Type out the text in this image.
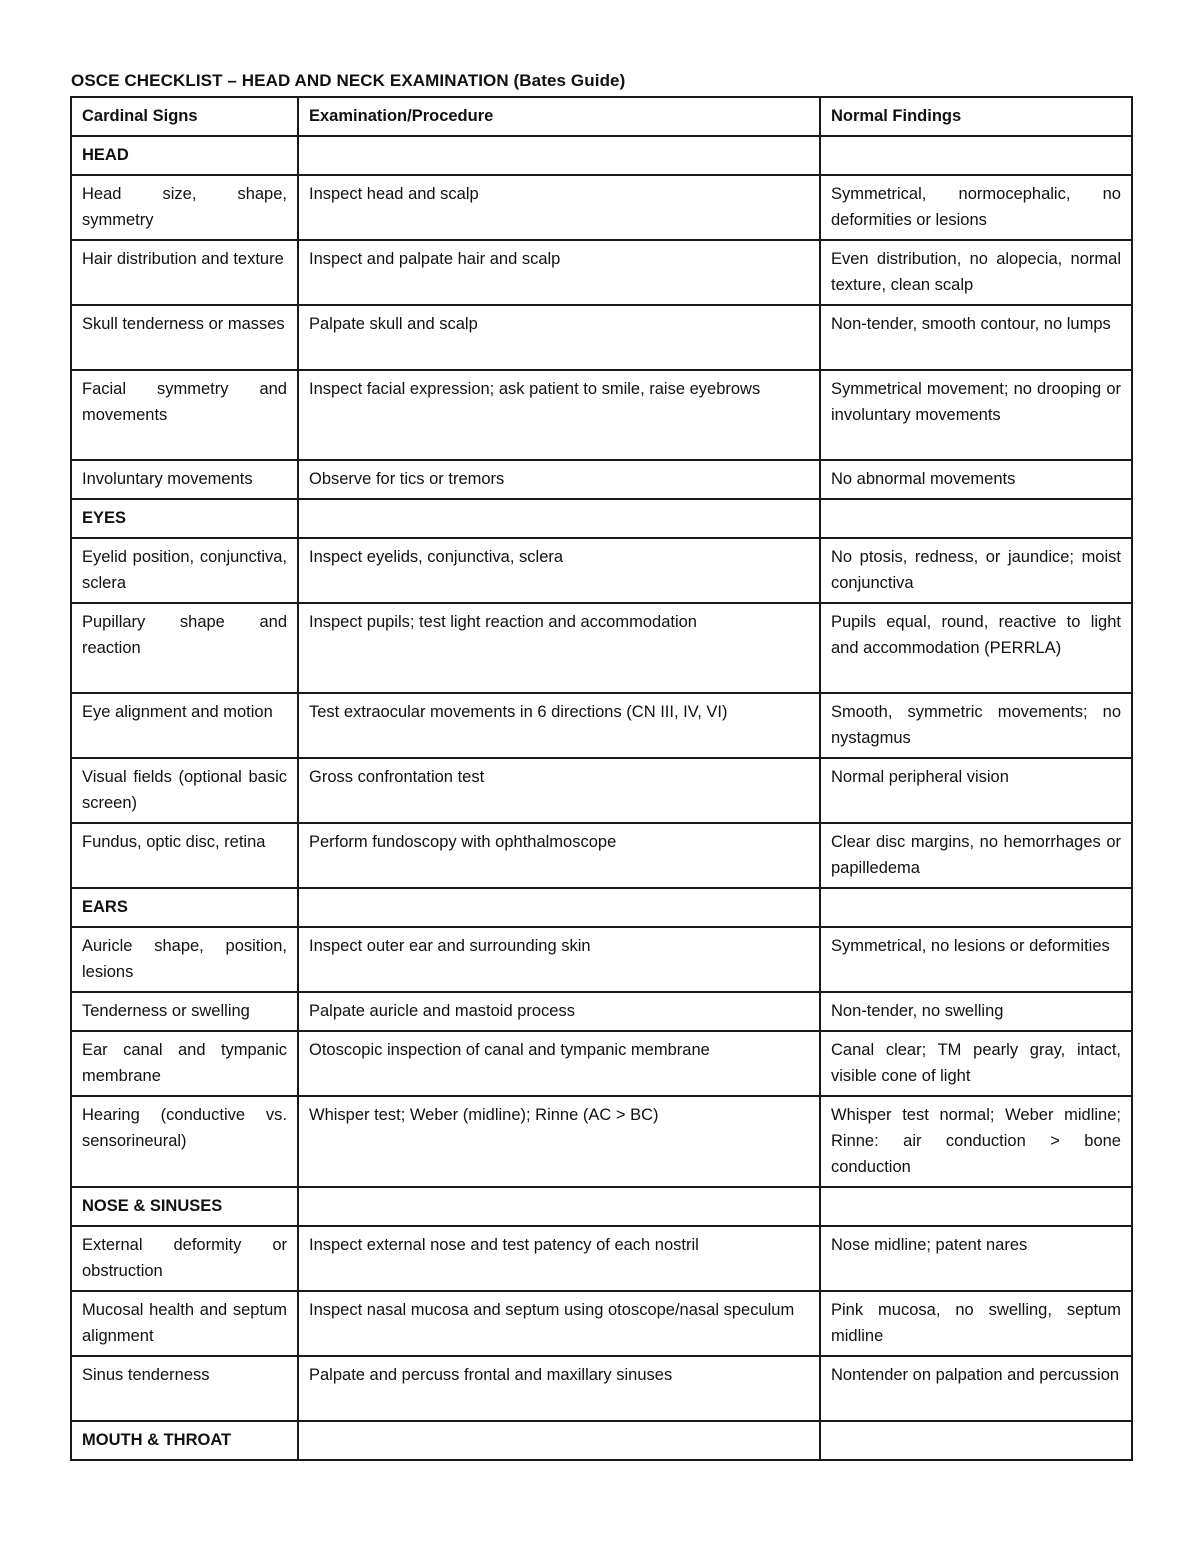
OSCE CHECKLIST – HEAD AND NECK EXAMINATION (Bates Guide)
Cardinal Signs	Examination/Procedure	Normal Findings
HEAD		
Head size, shape, symmetry	Inspect head and scalp	Symmetrical, normocephalic, no deformities or lesions
Hair distribution and texture	Inspect and palpate hair and scalp	Even distribution, no alopecia, normal texture, clean scalp
Skull tenderness or masses	Palpate skull and scalp	Non-tender, smooth contour, no lumps
Facial symmetry and movements	Inspect facial expression; ask patient to smile, raise eyebrows	Symmetrical movement; no drooping or involuntary movements
Involuntary movements	Observe for tics or tremors	No abnormal movements
EYES		
Eyelid position, conjunctiva, sclera	Inspect eyelids, conjunctiva, sclera	No ptosis, redness, or jaundice; moist conjunctiva
Pupillary shape and reaction	Inspect pupils; test light reaction and accommodation	Pupils equal, round, reactive to light and accommodation (PERRLA)
Eye alignment and motion	Test extraocular movements in 6 directions (CN III, IV, VI)	Smooth, symmetric movements; no nystagmus
Visual fields (optional basic screen)	Gross confrontation test	Normal peripheral vision
Fundus, optic disc, retina	Perform fundoscopy with ophthalmoscope	Clear disc margins, no hemorrhages or papilledema
EARS		
Auricle shape, position, lesions	Inspect outer ear and surrounding skin	Symmetrical, no lesions or deformities
Tenderness or swelling	Palpate auricle and mastoid process	Non-tender, no swelling
Ear canal and tympanic membrane	Otoscopic inspection of canal and tympanic membrane	Canal clear; TM pearly gray, intact, visible cone of light
Hearing (conductive vs. sensorineural)	Whisper test; Weber (midline); Rinne (AC > BC)	Whisper test normal; Weber midline; Rinne: air conduction > bone conduction
NOSE & SINUSES		
External deformity or obstruction	Inspect external nose and test patency of each nostril	Nose midline; patent nares
Mucosal health and septum alignment	Inspect nasal mucosa and septum using otoscope/nasal speculum	Pink mucosa, no swelling, septum midline
Sinus tenderness	Palpate and percuss frontal and maxillary sinuses	Nontender on palpation and percussion
MOUTH & THROAT		
